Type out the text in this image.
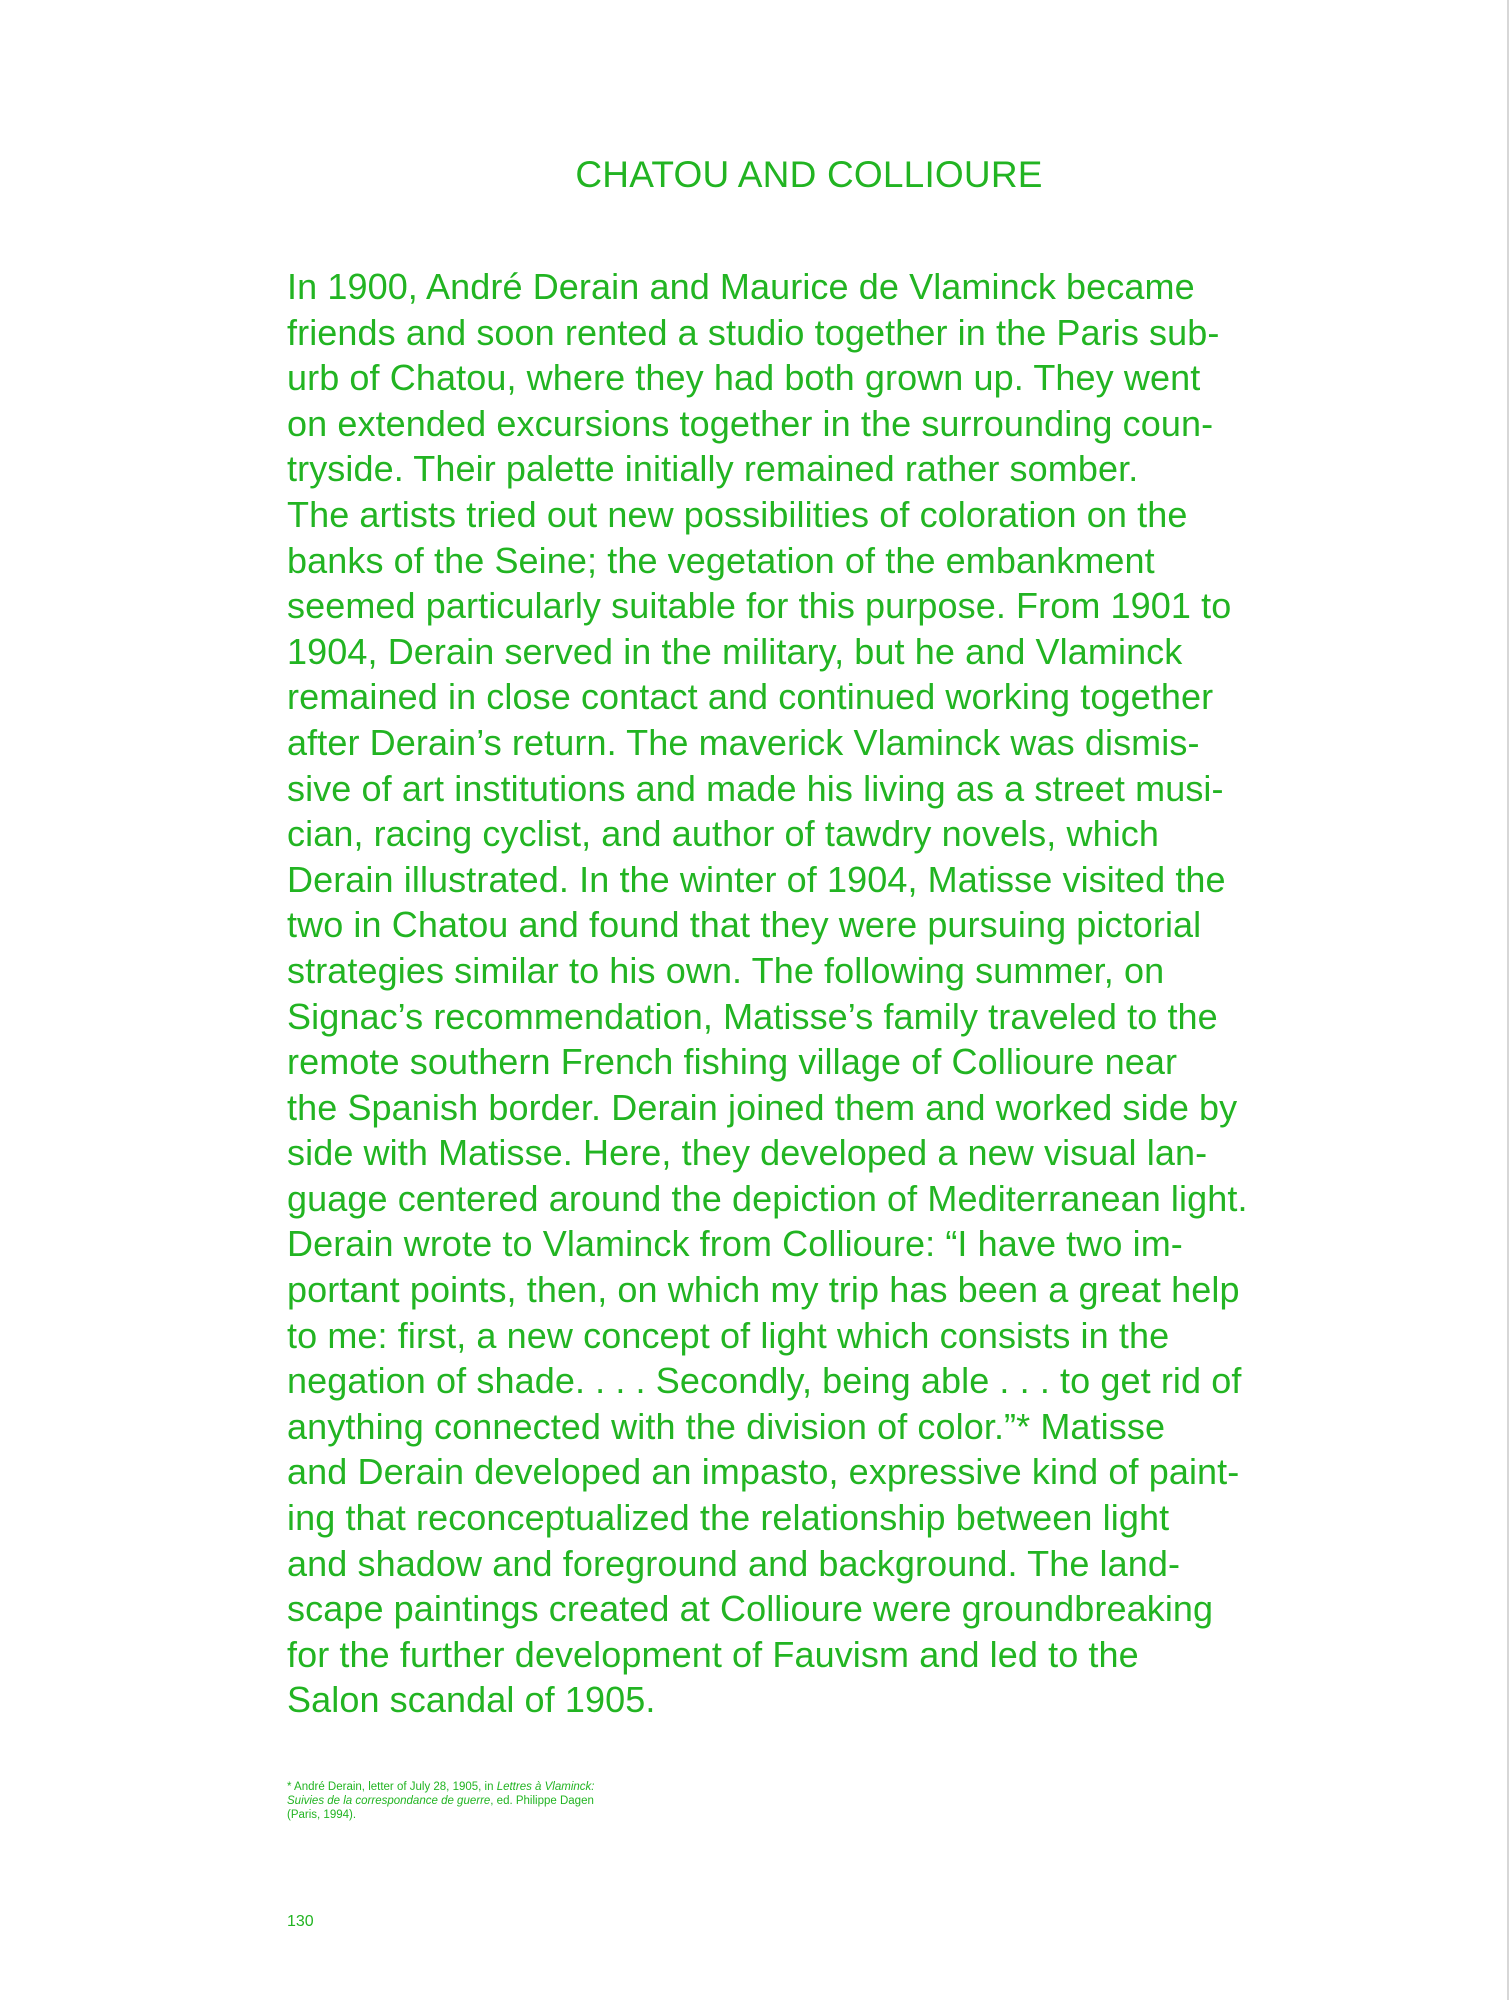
CHATOU AND COLLIOURE
In 1900, André Derain and Maurice de Vlaminck became
friends and soon rented a studio together in the Paris sub-
urb of Chatou, where they had both grown up. They went
on extended excursions together in the surrounding coun-
tryside. Their palette initially remained rather somber.
The artists tried out new possibilities of coloration on the
banks of the Seine; the vegetation of the embankment
seemed particularly suitable for this purpose. From 1901 to
1904, Derain served in the military, but he and Vlaminck
remained in close contact and continued working together
after Derain’s return. The maverick Vlaminck was dismis-
sive of art institutions and made his living as a street musi-
cian, racing cyclist, and author of tawdry novels, which
Derain illustrated. In the winter of 1904, Matisse visited the
two in Chatou and found that they were pursuing pictorial
strategies similar to his own. The following summer, on
Signac’s recommendation, Matisse’s family traveled to the
remote southern French fishing village of Collioure near
the Spanish border. Derain joined them and worked side by
side with Matisse. Here, they developed a new visual lan-
guage centered around the depiction of Mediterranean light.
Derain wrote to Vlaminck from Collioure: “I have two im-
portant points, then, on which my trip has been a great help
to me: first, a new concept of light which consists in the
negation of shade. . . . Secondly, being able . . . to get rid of
anything connected with the division of color.”* Matisse
and Derain developed an impasto, expressive kind of paint-
ing that reconceptualized the relationship between light
and shadow and foreground and background. The land-
scape paintings created at Collioure were groundbreaking
for the further development of Fauvism and led to the
Salon scandal of 1905.
* André Derain, letter of July 28, 1905, in Lettres à Vlaminck:
Suivies de la correspondance de guerre, ed. Philippe Dagen
(Paris, 1994).
130
